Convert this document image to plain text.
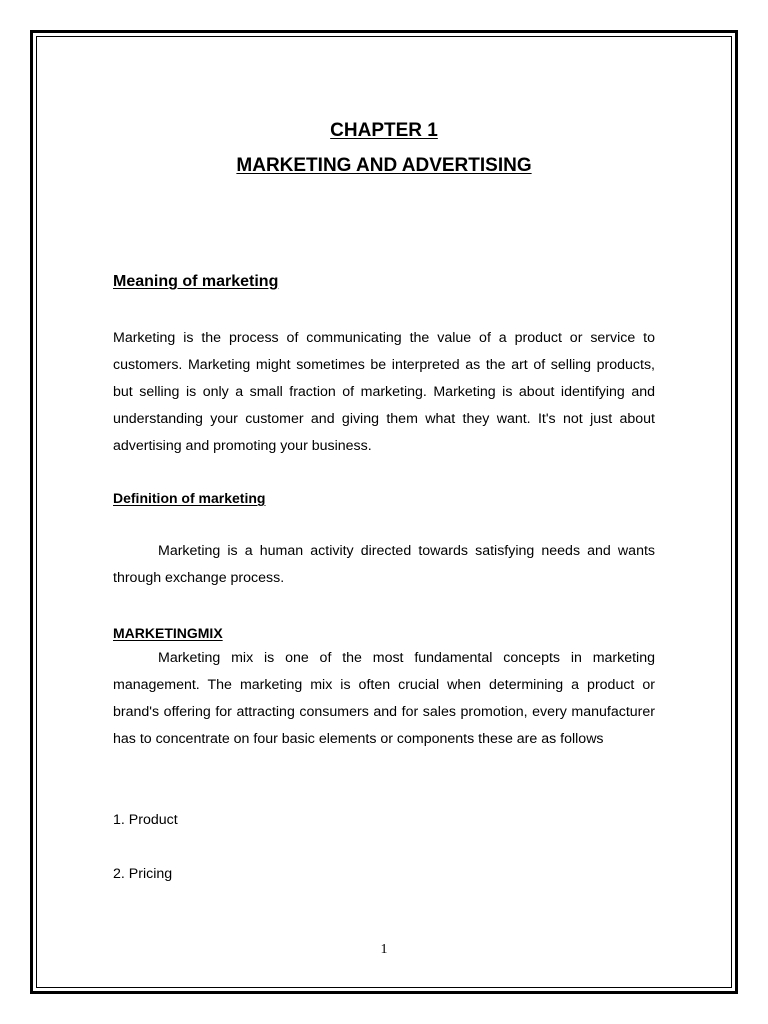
CHAPTER 1
MARKETING AND ADVERTISING
Meaning of marketing

Marketing is the process of communicating the value of a product or service to customers. Marketing might sometimes be interpreted as the art of selling products, but selling is only a small fraction of marketing. Marketing is about identifying and understanding your customer and giving them what they want. It's not just about advertising and promoting your business.

Definition of marketing

Marketing is a human activity directed towards satisfying needs and wants through exchange process.

MARKETINGMIX

Marketing mix is one of the most fundamental concepts in marketing management. The marketing mix is often crucial when determining a product or brand's offering for attracting consumers and for sales promotion, every manufacturer has to concentrate on four basic elements or components these are as follows

1. Product
2. Pricing
1
